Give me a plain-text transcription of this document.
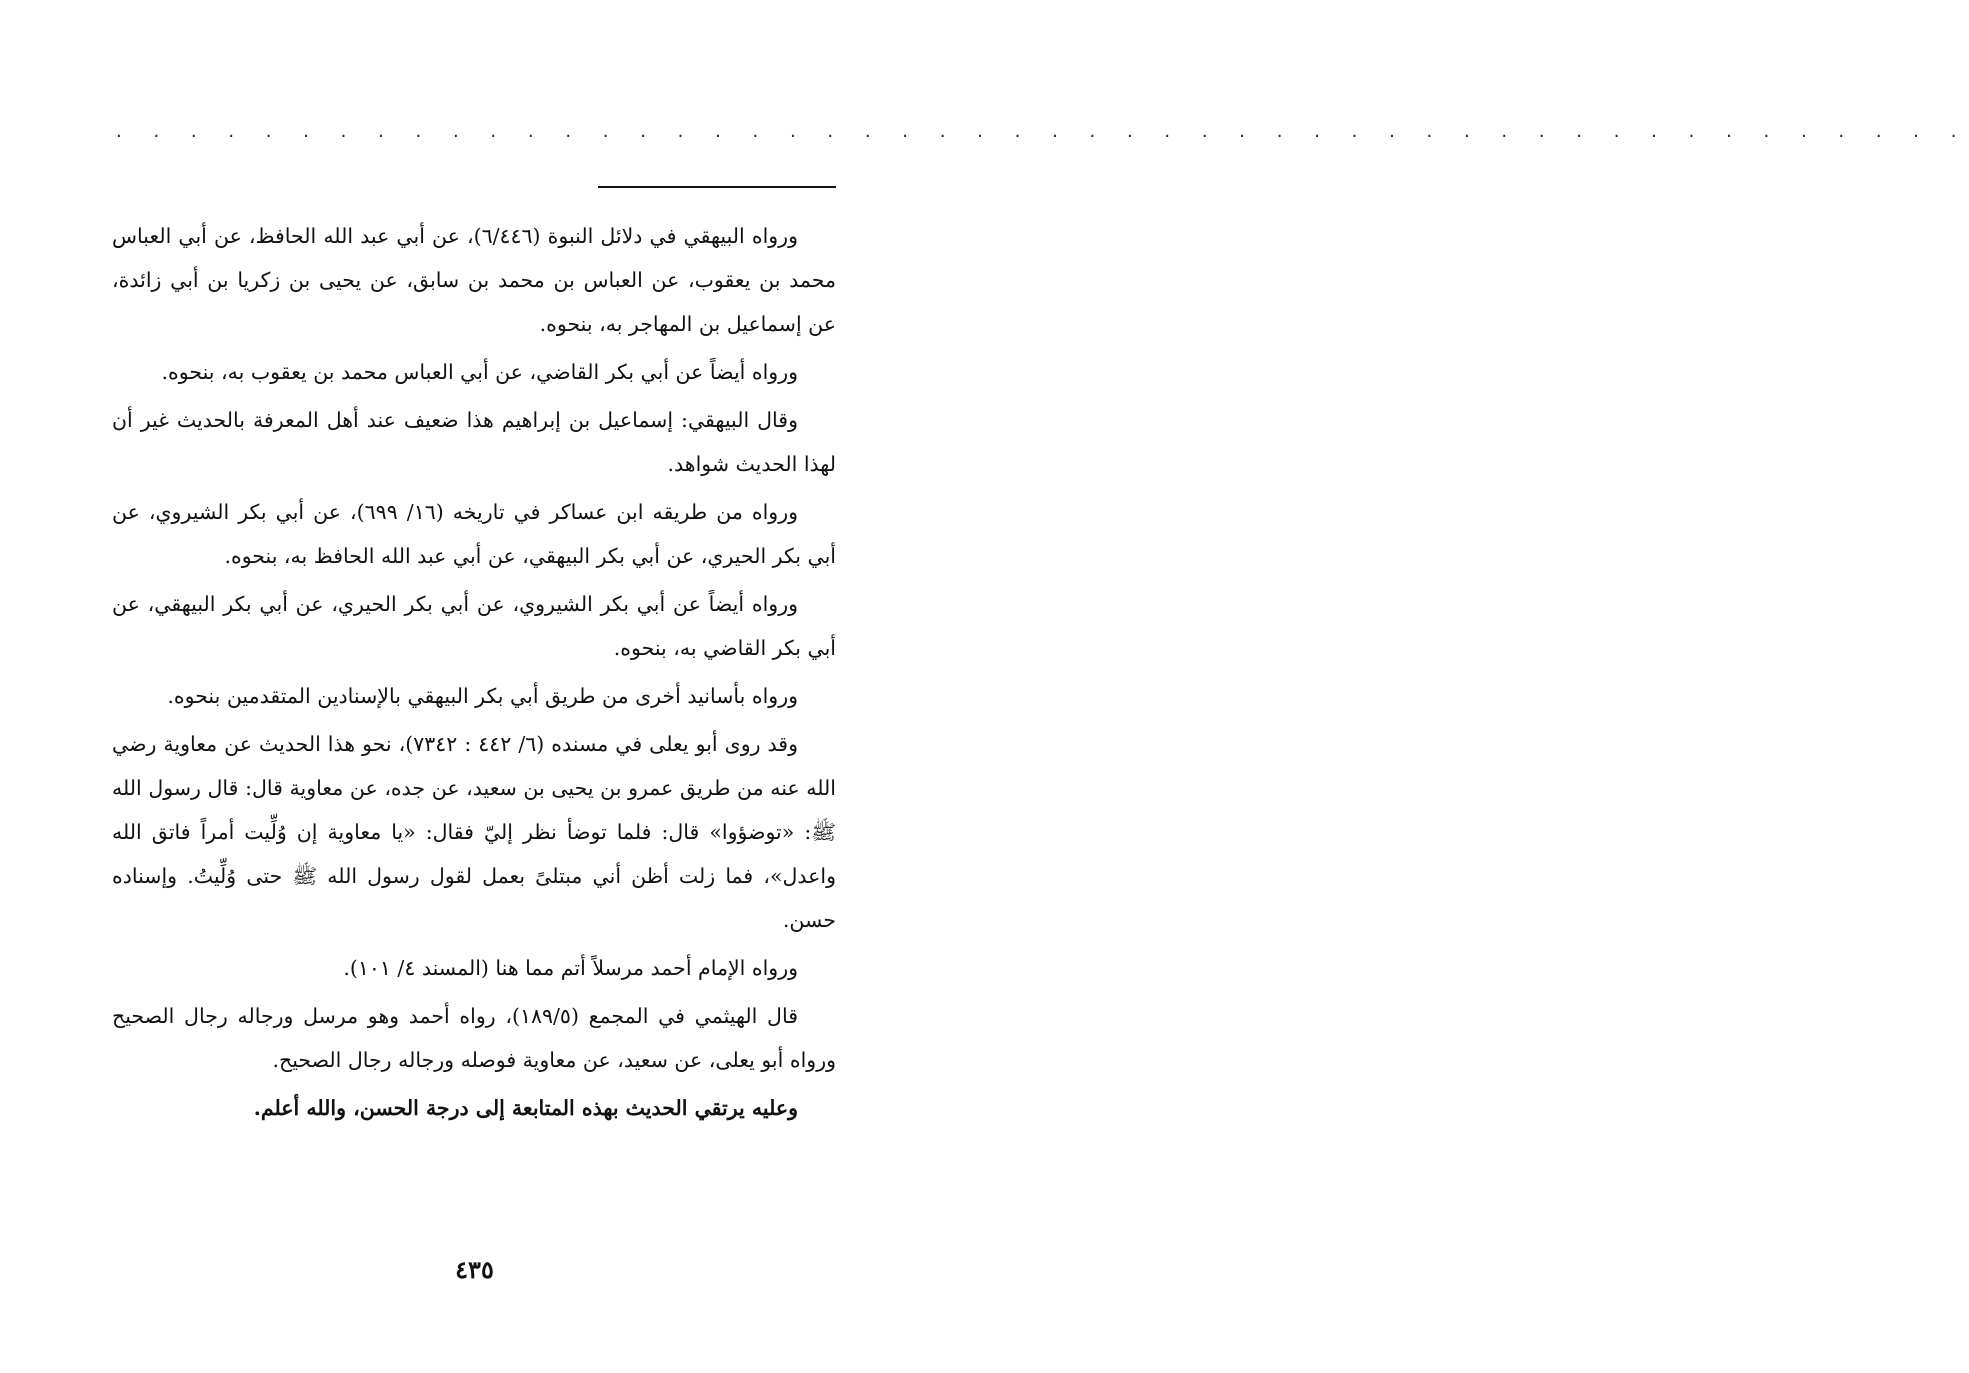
. . . . . . . . . . . . . . . . . . . . . . . . . . . . . . . . . . . . . . . . . . . . . . . . . .

ورواه البيهقي في دلائل النبوة (٦/٤٤٦)، عن أبي عبد الله الحافظ، عن أبي العباس محمد بن يعقوب، عن العباس بن محمد بن سابق، عن يحيى بن زكريا بن أبي زائدة، عن إسماعيل بن المهاجر به، بنحوه.

ورواه أيضاً عن أبي بكر القاضي، عن أبي العباس محمد بن يعقوب به، بنحوه.

وقال البيهقي: إسماعيل بن إبراهيم هذا ضعيف عند أهل المعرفة بالحديث غير أن لهذا الحديث شواهد.

ورواه من طريقه ابن عساكر في تاريخه (١٦/ ٦٩٩)، عن أبي بكر الشيروي، عن أبي بكر الحيري، عن أبي بكر البيهقي، عن أبي عبد الله الحافظ به، بنحوه.

ورواه أيضاً عن أبي بكر الشيروي، عن أبي بكر الحيري، عن أبي بكر البيهقي، عن أبي بكر القاضي به، بنحوه.

ورواه بأسانيد أخرى من طريق أبي بكر البيهقي بالإسنادين المتقدمين بنحوه.

وقد روى أبو يعلى في مسنده (٦/ ٤٤٢ : ٧٣٤٢)، نحو هذا الحديث عن معاوية رضي الله عنه من طريق عمرو بن يحيى بن سعيد، عن جده، عن معاوية قال: قال رسول الله ﷺ: «توضؤوا» قال: فلما توضأ نظر إليّ فقال: «يا معاوية إن وُلِّيت أمراً فاتق الله واعدل»، فما زلت أظن أني مبتلىً بعمل لقول رسول الله ﷺ حتى وُلِّيتُ. وإسناده حسن.

ورواه الإمام أحمد مرسلاً أتم مما هنا (المسند ٤/ ١٠١).

قال الهيثمي في المجمع (١٨٩/٥)، رواه أحمد وهو مرسل ورجاله رجال الصحيح ورواه أبو يعلى، عن سعيد، عن معاوية فوصله ورجاله رجال الصحيح.

وعليه يرتقي الحديث بهذه المتابعة إلى درجة الحسن، والله أعلم.

٤٣٥
